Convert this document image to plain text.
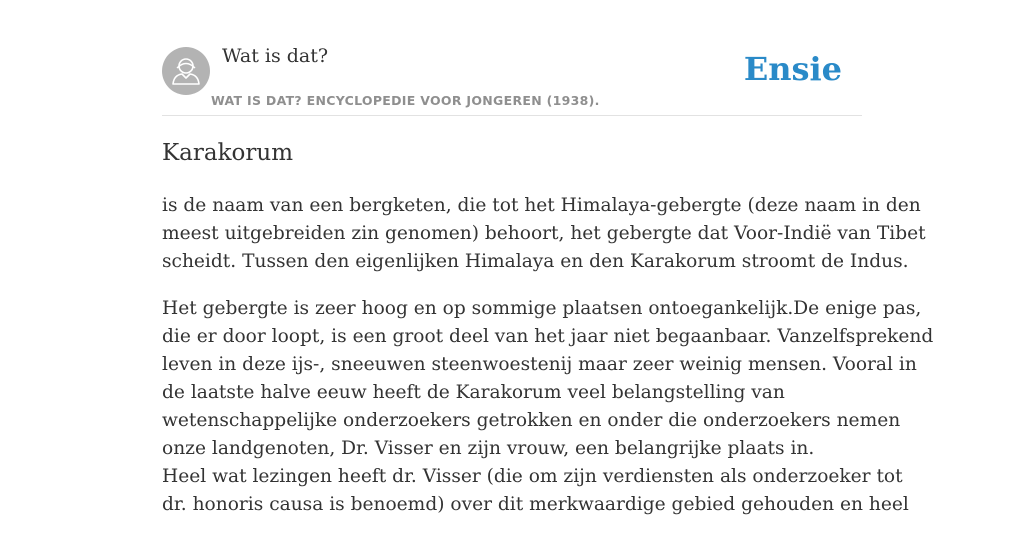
Wat is dat?
WAT IS DAT? ENCYCLOPEDIE VOOR JONGEREN (1938).
Ensie
Karakorum

is de naam van een bergketen, die tot het Himalaya-gebergte (deze naam in den
meest uitgebreiden zin genomen) behoort, het gebergte dat Voor-Indië van Tibet
scheidt. Tussen den eigenlijken Himalaya en den Karakorum stroomt de Indus.

Het gebergte is zeer hoog en op sommige plaatsen ontoegankelijk.De enige pas,
die er door loopt, is een groot deel van het jaar niet begaanbaar. Vanzelfsprekend
leven in deze ijs-, sneeuwen steenwoestenij maar zeer weinig mensen. Vooral in
de laatste halve eeuw heeft de Karakorum veel belangstelling van
wetenschappelijke onderzoekers getrokken en onder die onderzoekers nemen
onze landgenoten, Dr. Visser en zijn vrouw, een belangrijke plaats in.
Heel wat lezingen heeft dr. Visser (die om zijn verdiensten als onderzoeker tot
dr. honoris causa is benoemd) over dit merkwaardige gebied gehouden en heel
